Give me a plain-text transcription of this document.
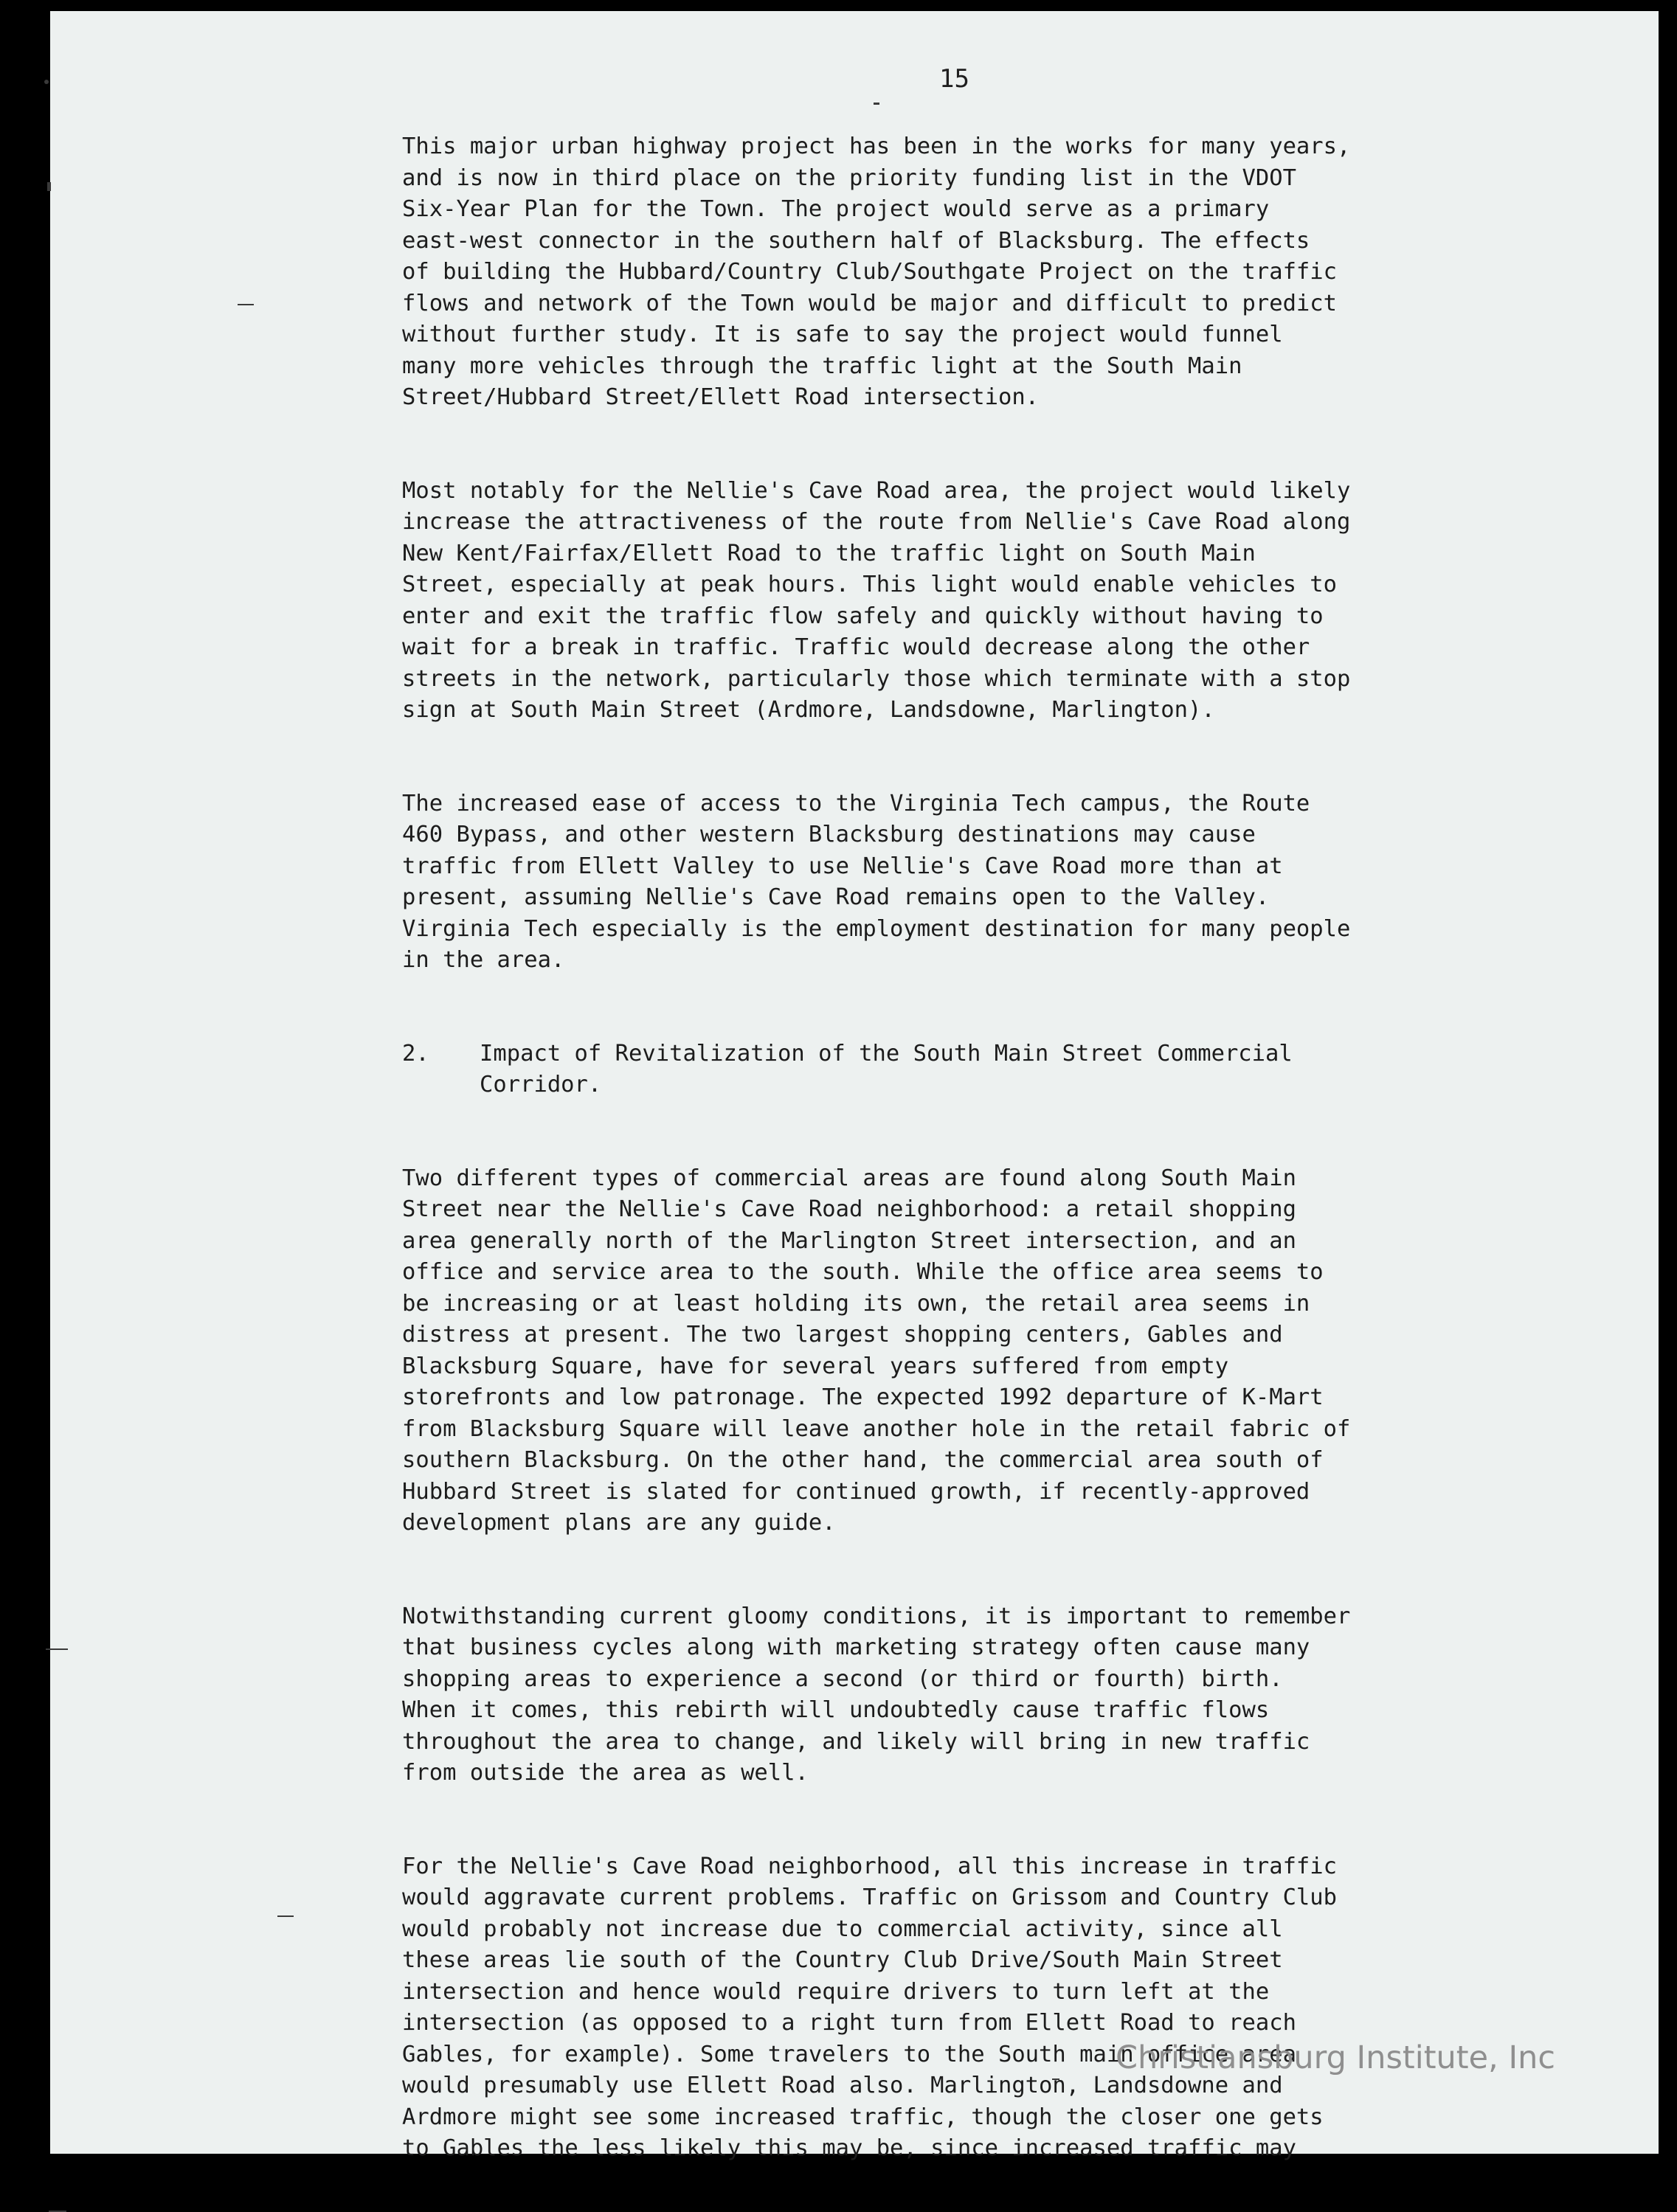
15

This major urban highway project has been in the works for many years,
and is now in third place on the priority funding list in the VDOT
Six-Year Plan for the Town. The project would serve as a primary
east-west connector in the southern half of Blacksburg. The effects
of building the Hubbard/Country Club/Southgate Project on the traffic
flows and network of the Town would be major and difficult to predict
without further study. It is safe to say the project would funnel
many more vehicles through the traffic light at the South Main
Street/Hubbard Street/Ellett Road intersection.

Most notably for the Nellie's Cave Road area, the project would likely
increase the attractiveness of the route from Nellie's Cave Road along
New Kent/Fairfax/Ellett Road to the traffic light on South Main
Street, especially at peak hours. This light would enable vehicles to
enter and exit the traffic flow safely and quickly without having to
wait for a break in traffic. Traffic would decrease along the other
streets in the network, particularly those which terminate with a stop
sign at South Main Street (Ardmore, Landsdowne, Marlington).

The increased ease of access to the Virginia Tech campus, the Route
460 Bypass, and other western Blacksburg destinations may cause
traffic from Ellett Valley to use Nellie's Cave Road more than at
present, assuming Nellie's Cave Road remains open to the Valley.
Virginia Tech especially is the employment destination for many people
in the area.

2.	Impact of Revitalization of the South Main Street Commercial
Corridor.

Two different types of commercial areas are found along South Main
Street near the Nellie's Cave Road neighborhood: a retail shopping
area generally north of the Marlington Street intersection, and an
office and service area to the south. While the office area seems to
be increasing or at least holding its own, the retail area seems in
distress at present. The two largest shopping centers, Gables and
Blacksburg Square, have for several years suffered from empty
storefronts and low patronage. The expected 1992 departure of K-Mart
from Blacksburg Square will leave another hole in the retail fabric of
southern Blacksburg. On the other hand, the commercial area south of
Hubbard Street is slated for continued growth, if recently-approved
development plans are any guide.

Notwithstanding current gloomy conditions, it is important to remember
that business cycles along with marketing strategy often cause many
shopping areas to experience a second (or third or fourth) birth.
When it comes, this rebirth will undoubtedly cause traffic flows
throughout the area to change, and likely will bring in new traffic
from outside the area as well.

For the Nellie's Cave Road neighborhood, all this increase in traffic
would aggravate current problems. Traffic on Grissom and Country Club
would probably not increase due to commercial activity, since all
these areas lie south of the Country Club Drive/South Main Street
intersection and hence would require drivers to turn left at the
intersection (as opposed to a right turn from Ellett Road to reach
Gables, for example). Some travelers to the South main office area
would presumably use Ellett Road also. Marlington, Landsdowne and
Ardmore might see some increased traffic, though the closer one gets
to Gables the less likely this may be, since increased traffic may

Christiansburg Institute, Inc
